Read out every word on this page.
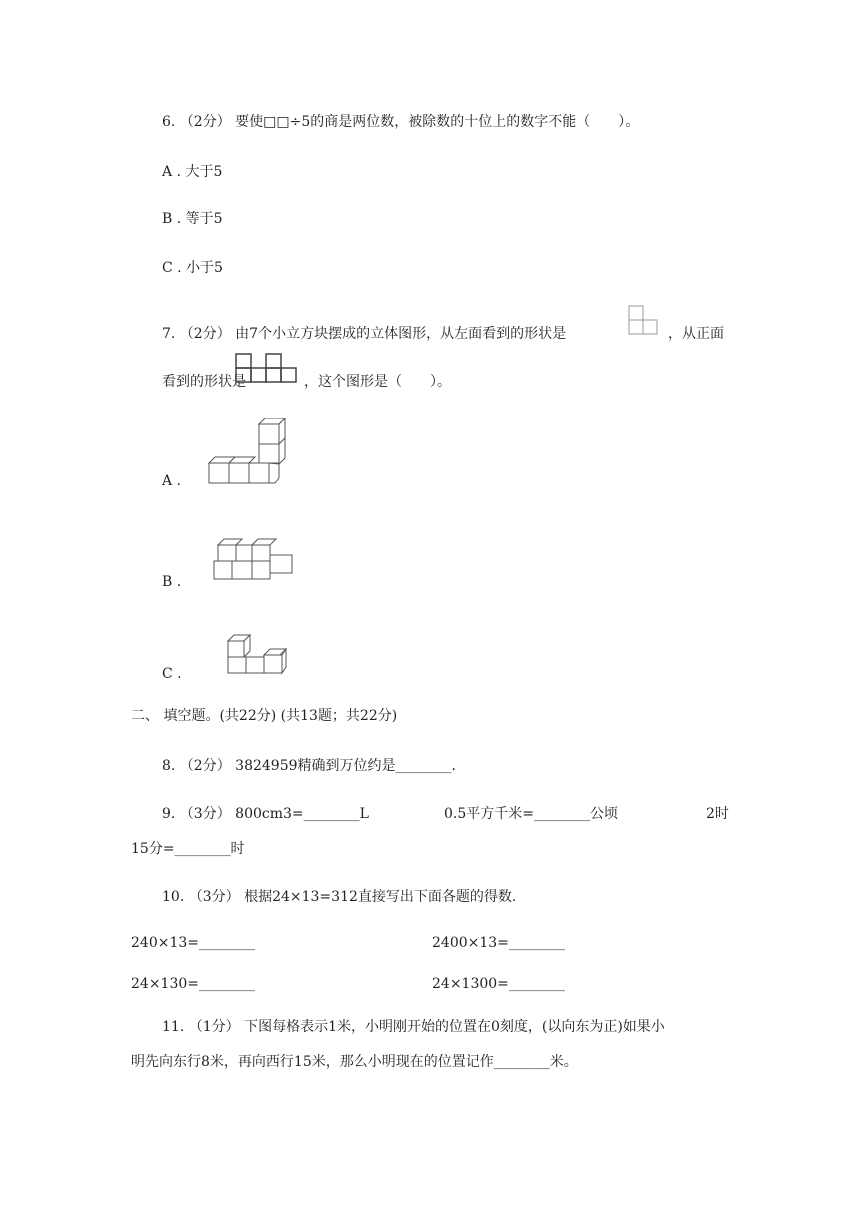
6. （2分） 要使□□÷5的商是两位数，被除数的十位上的数字不能（　　）。
A . 大于5
B . 等于5
C . 小于5
7. （2分） 由7个小立方块摆成的立体图形，从左面看到的形状是	，从正面
看到的形状是	，这个图形是（　　）。
A .
B .
C .
二、 填空题。(共22分) (共13题；共22分)
8. （2分） 3824959精确到万位约是________.
9. （3分） 800cm3=________L	0.5平方千米=________公顷	2时
15分=________时
10. （3分） 根据24×13=312直接写出下面各题的得数.
240×13=________	2400×13=________
24×130=________	24×1300=________
11. （1分） 下图每格表示1米，小明刚开始的位置在0刻度，(以向东为正)如果小
明先向东行8米，再向西行15米，那么小明现在的位置记作________米。
